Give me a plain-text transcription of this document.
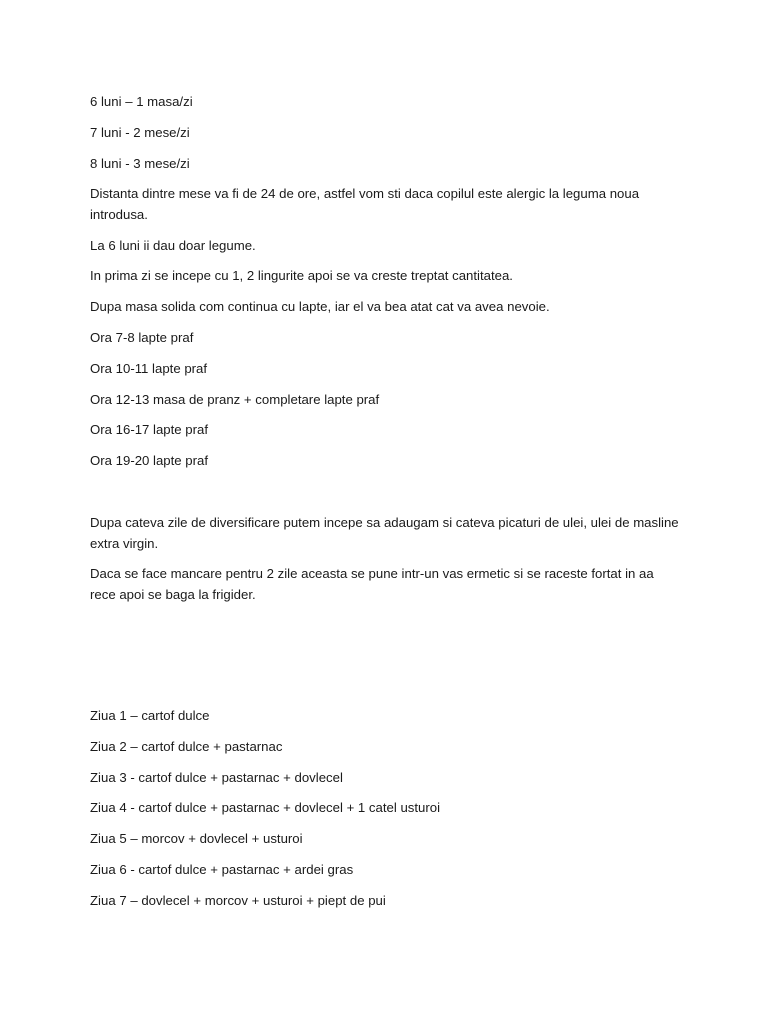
6 luni – 1 masa/zi

7 luni - 2 mese/zi

8 luni - 3 mese/zi

Distanta dintre mese va fi de 24 de ore, astfel vom sti daca copilul este alergic la leguma noua introdusa.

La 6 luni ii dau doar legume.

In prima zi se incepe cu 1, 2 lingurite apoi se va creste treptat cantitatea.

Dupa masa solida com continua cu lapte, iar el va bea atat cat va avea nevoie.

Ora 7-8 lapte praf

Ora 10-11 lapte praf

Ora 12-13 masa de pranz + completare lapte praf

Ora 16-17 lapte praf

Ora 19-20 lapte praf

Dupa cateva zile de diversificare putem incepe sa adaugam si cateva picaturi de ulei, ulei de masline extra virgin.

Daca se face mancare pentru 2 zile aceasta se pune intr-un vas ermetic si se raceste fortat in aa rece apoi se baga la frigider.

Ziua 1 – cartof dulce

Ziua 2 – cartof dulce + pastarnac

Ziua 3 - cartof dulce + pastarnac + dovlecel

Ziua 4 - cartof dulce + pastarnac + dovlecel + 1 catel usturoi

Ziua 5 – morcov + dovlecel + usturoi

Ziua 6 - cartof dulce + pastarnac + ardei gras

Ziua 7 – dovlecel + morcov + usturoi + piept de pui
